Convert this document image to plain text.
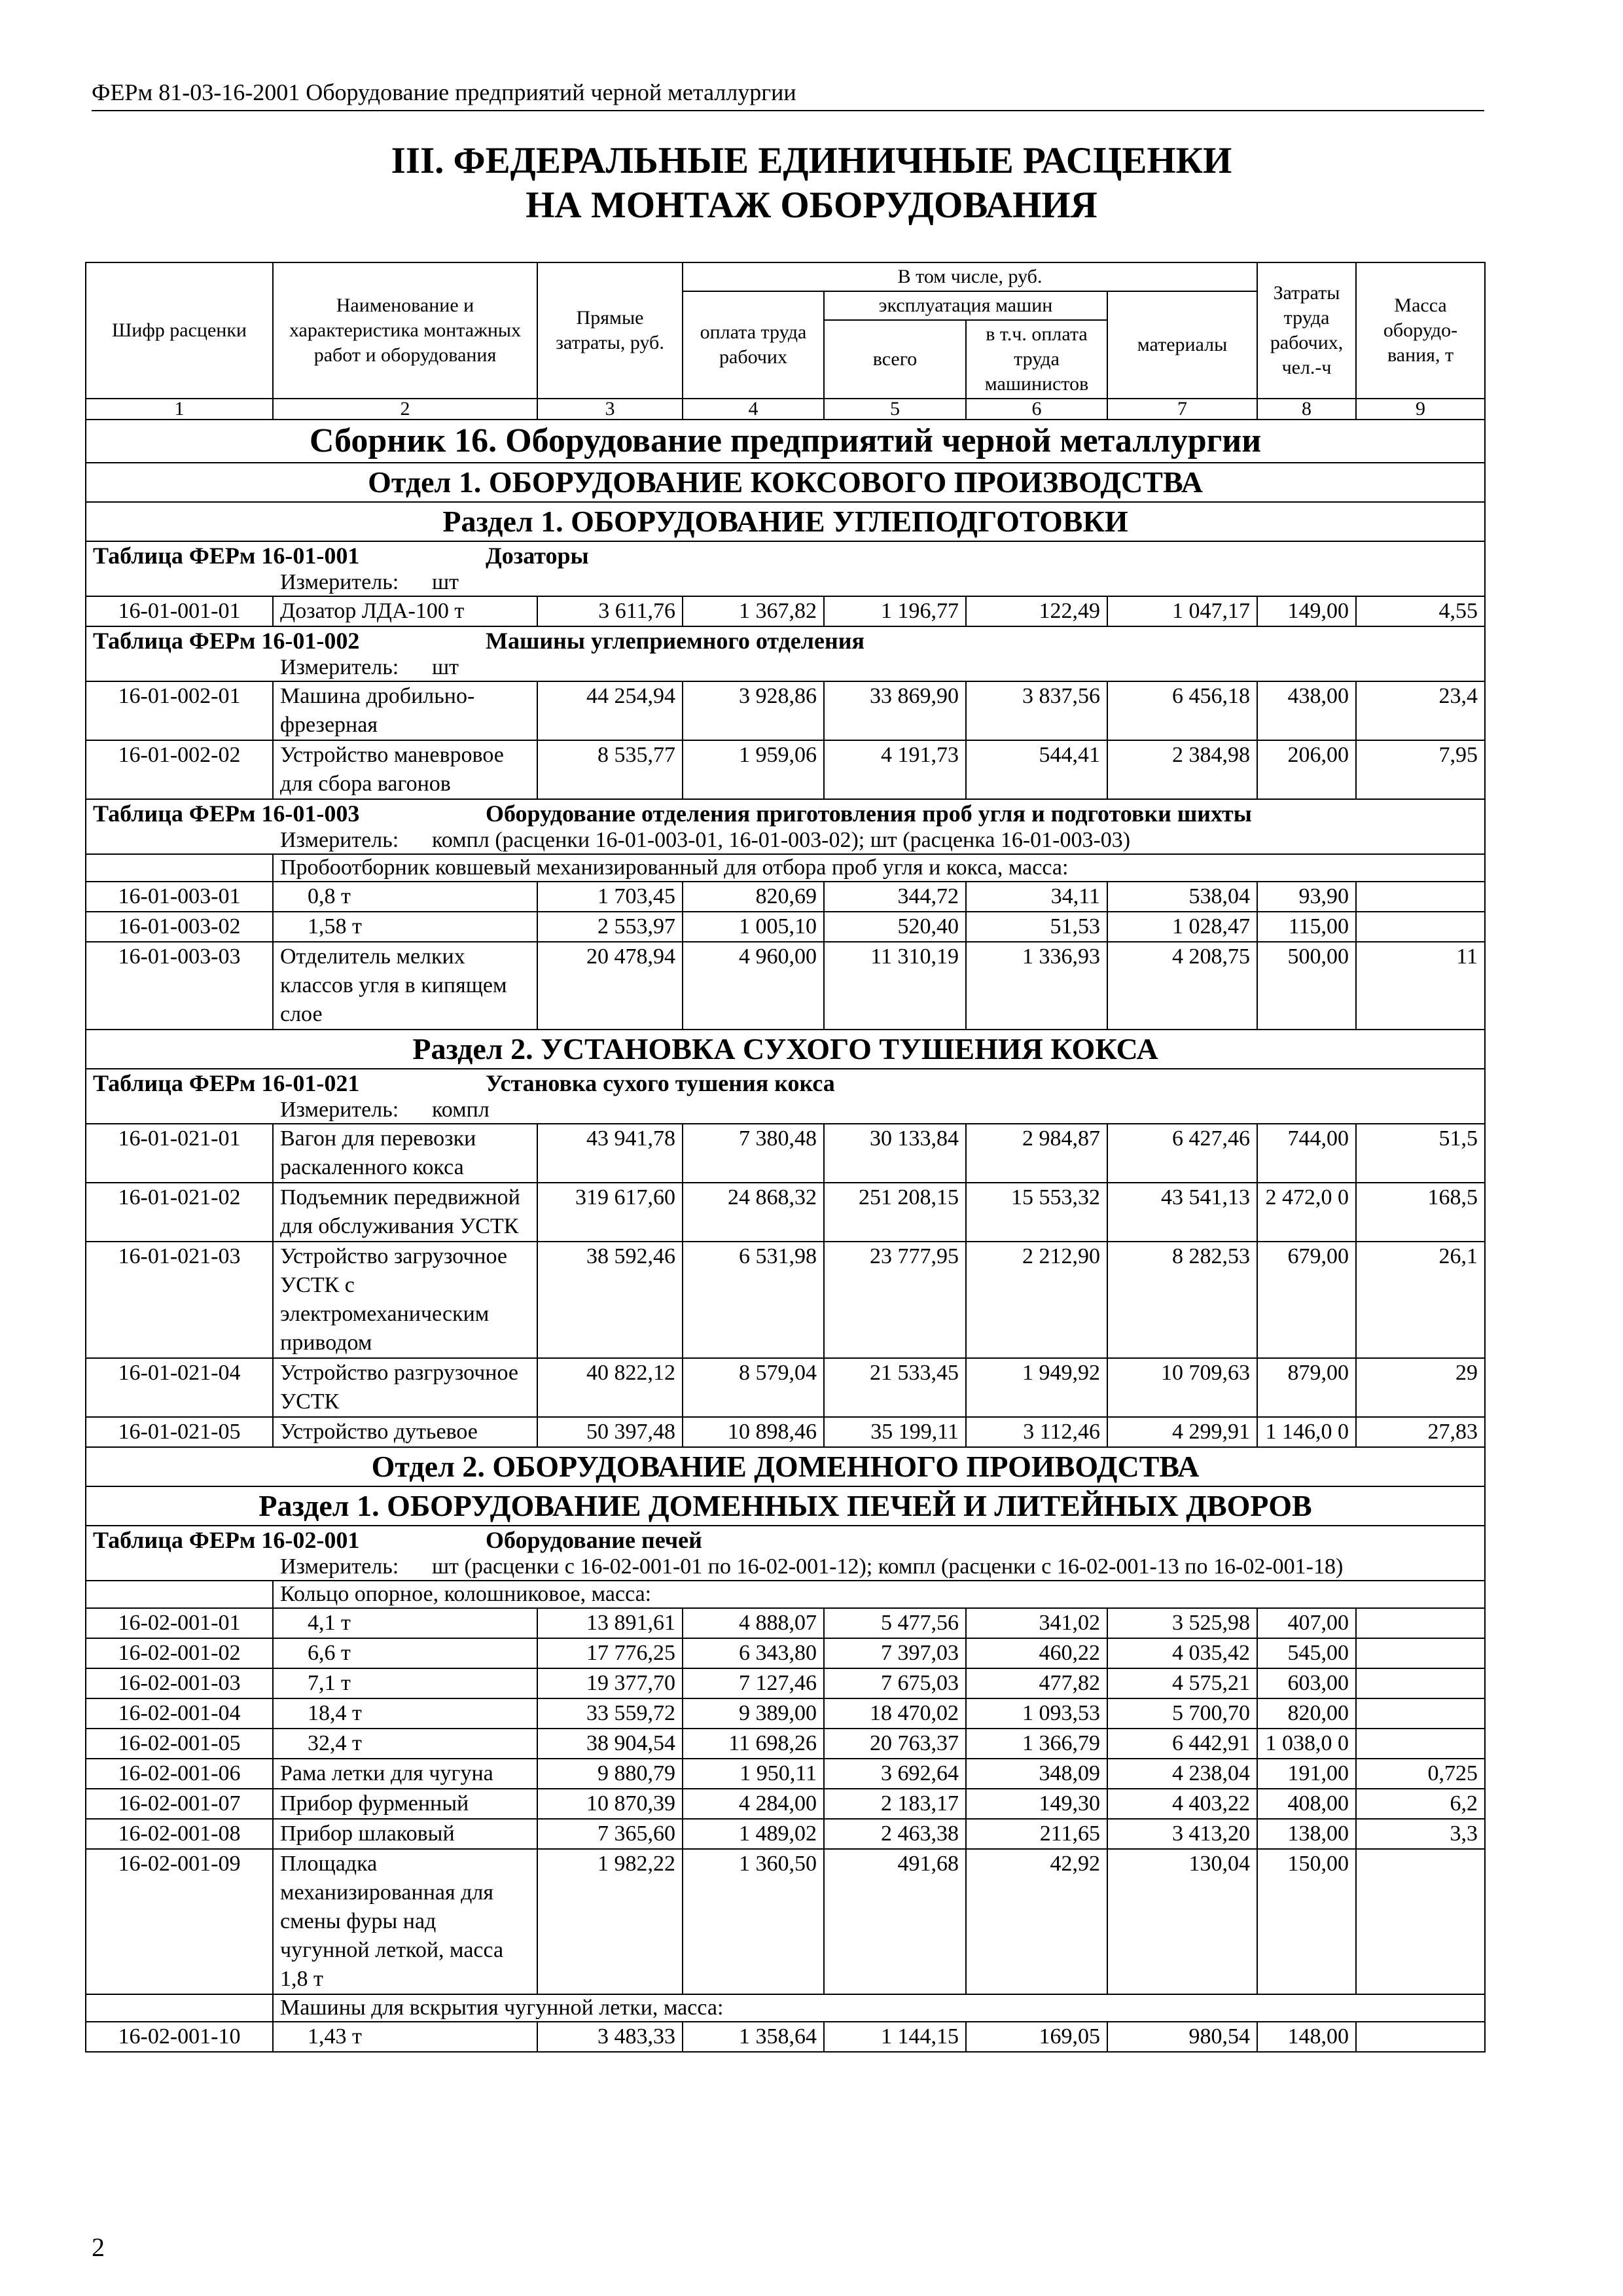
ФЕРм 81-03-16-2001 Оборудование предприятий черной металлургии
III. ФЕДЕРАЛЬНЫЕ ЕДИНИЧНЫЕ РАСЦЕНКИ
НА МОНТАЖ ОБОРУДОВАНИЯ
Шифр расценки	Наименование и характеристика монтажных работ и оборудования	Прямые затраты, руб.	В том числе, руб.				Затраты труда рабочих, чел.-ч	Масса оборудо-вания, т
			оплата труда рабочих	эксплуатация машин		материалы		
				всего	в т.ч. оплата труда машинистов			
1	2	3	4	5	6	7	8	9
Сборник 16. Оборудование предприятий черной металлургии								
Отдел 1. ОБОРУДОВАНИЕ КОКСОВОГО ПРОИЗВОДСТВА								
Раздел 1. ОБОРУДОВАНИЕ УГЛЕПОДГОТОВКИ								
Таблица ФЕРм 16-01-001 Дозаторы								

Измеритель: шт								

16-01-001-01	Дозатор ЛДА-100 т	3 611,76	1 367,82	1 196,77	122,49	1 047,17	149,00	4,55
Таблица ФЕРм 16-01-002 Машины углеприемного отделения								

Измеритель: шт								

16-01-002-01	Машина дробильно-фрезерная	44 254,94	3 928,86	33 869,90	3 837,56	6 456,18	438,00	23,4
16-01-002-02	Устройство маневровое для сбора вагонов	8 535,77	1 959,06	4 191,73	544,41	2 384,98	206,00	7,95
Таблица ФЕРм 16-01-003 Оборудование отделения приготовления проб угля и подготовки шихты								

Измеритель: компл (расценки 16-01-003-01, 16-01-003-02); шт (расценка 16-01-003-03)								

	Пробоотборник ковшевый механизированный для отбора проб угля и кокса, масса:							
16-01-003-01	0,8 т	1 703,45	820,69	344,72	34,11	538,04	93,90	
16-01-003-02	1,58 т	2 553,97	1 005,10	520,40	51,53	1 028,47	115,00	
16-01-003-03	Отделитель мелких классов угля в кипящем слое	20 478,94	4 960,00	11 310,19	1 336,93	4 208,75	500,00	11
Раздел 2. УСТАНОВКА СУХОГО ТУШЕНИЯ КОКСА								
Таблица ФЕРм 16-01-021 Установка сухого тушения кокса								

Измеритель: компл								

16-01-021-01	Вагон для перевозки раскаленного кокса	43 941,78	7 380,48	30 133,84	2 984,87	6 427,46	744,00	51,5
16-01-021-02	Подъемник передвижной для обслуживания УСТК	319 617,60	24 868,32	251 208,15	15 553,32	43 541,13	2 472,0 0	168,5
16-01-021-03	Устройство загрузочное УСТК с электромеханическим приводом	38 592,46	6 531,98	23 777,95	2 212,90	8 282,53	679,00	26,1
16-01-021-04	Устройство разгрузочное УСТК	40 822,12	8 579,04	21 533,45	1 949,92	10 709,63	879,00	29
16-01-021-05	Устройство дутьевое	50 397,48	10 898,46	35 199,11	3 112,46	4 299,91	1 146,0 0	27,83
Отдел 2. ОБОРУДОВАНИЕ ДОМЕННОГО ПРОИВОДСТВА								
Раздел 1. ОБОРУДОВАНИЕ ДОМЕННЫХ ПЕЧЕЙ И ЛИТЕЙНЫХ ДВОРОВ								
Таблица ФЕРм 16-02-001 Оборудование печей								

Измеритель: шт (расценки с 16-02-001-01 по 16-02-001-12); компл (расценки с 16-02-001-13 по 16-02-001-18)								

	Кольцо опорное, колошниковое, масса:							
16-02-001-01	4,1 т	13 891,61	4 888,07	5 477,56	341,02	3 525,98	407,00	
16-02-001-02	6,6 т	17 776,25	6 343,80	7 397,03	460,22	4 035,42	545,00	
16-02-001-03	7,1 т	19 377,70	7 127,46	7 675,03	477,82	4 575,21	603,00	
16-02-001-04	18,4 т	33 559,72	9 389,00	18 470,02	1 093,53	5 700,70	820,00	
16-02-001-05	32,4 т	38 904,54	11 698,26	20 763,37	1 366,79	6 442,91	1 038,0 0	
16-02-001-06	Рама летки для чугуна	9 880,79	1 950,11	3 692,64	348,09	4 238,04	191,00	0,725
16-02-001-07	Прибор фурменный	10 870,39	4 284,00	2 183,17	149,30	4 403,22	408,00	6,2
16-02-001-08	Прибор шлаковый	7 365,60	1 489,02	2 463,38	211,65	3 413,20	138,00	3,3
16-02-001-09	Площадка механизированная для смены фуры над чугунной леткой, масса 1,8 т	1 982,22	1 360,50	491,68	42,92	130,04	150,00	
	Машины для вскрытия чугунной летки, масса:							
16-02-001-10	1,43 т	3 483,33	1 358,64	1 144,15	169,05	980,54	148,00	
2
